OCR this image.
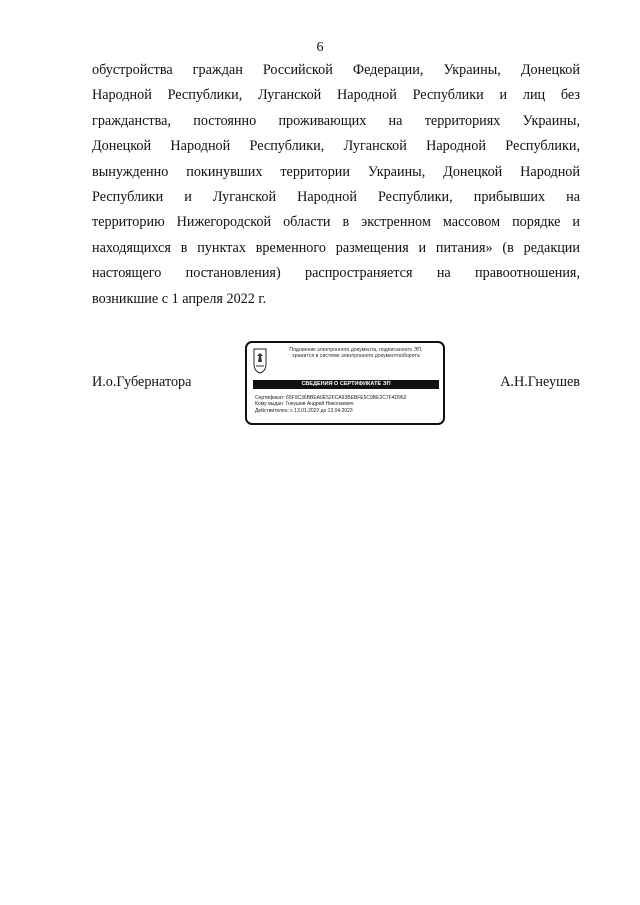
6
обустройства граждан Российской Федерации, Украины, Донецкой
Народной Республики, Луганской Народной Республики и лиц без
гражданства, постоянно проживающих на территориях Украины,
Донецкой Народной Республики, Луганской Народной Республики,
вынужденно покинувших территории Украины, Донецкой Народной
Республики и Луганской Народной Республики, прибывших на
территорию Нижегородской области в экстренном массовом порядке и
находящихся в пунктах временного размещения и питания» (в редакции
настоящего постановления) распространяется на правоотношения,
возникшие с 1 апреля 2022 г.
И.о.Губернатора	А.Н.Гнеушев
Подлинник электронного документа, подписанного ЭП,
хранится в системе электронного документооборота
СВЕДЕНИЯ О СЕРТИФИКАТЕ ЭП
Сертификат: 65F9C36BBEA0E52FCA93BEBFE5C9BE2C7F4D962
Кому выдан: Гнеушев Андрей Николаевич
Действителен: с 13.01.2022 до 13.04.2023
